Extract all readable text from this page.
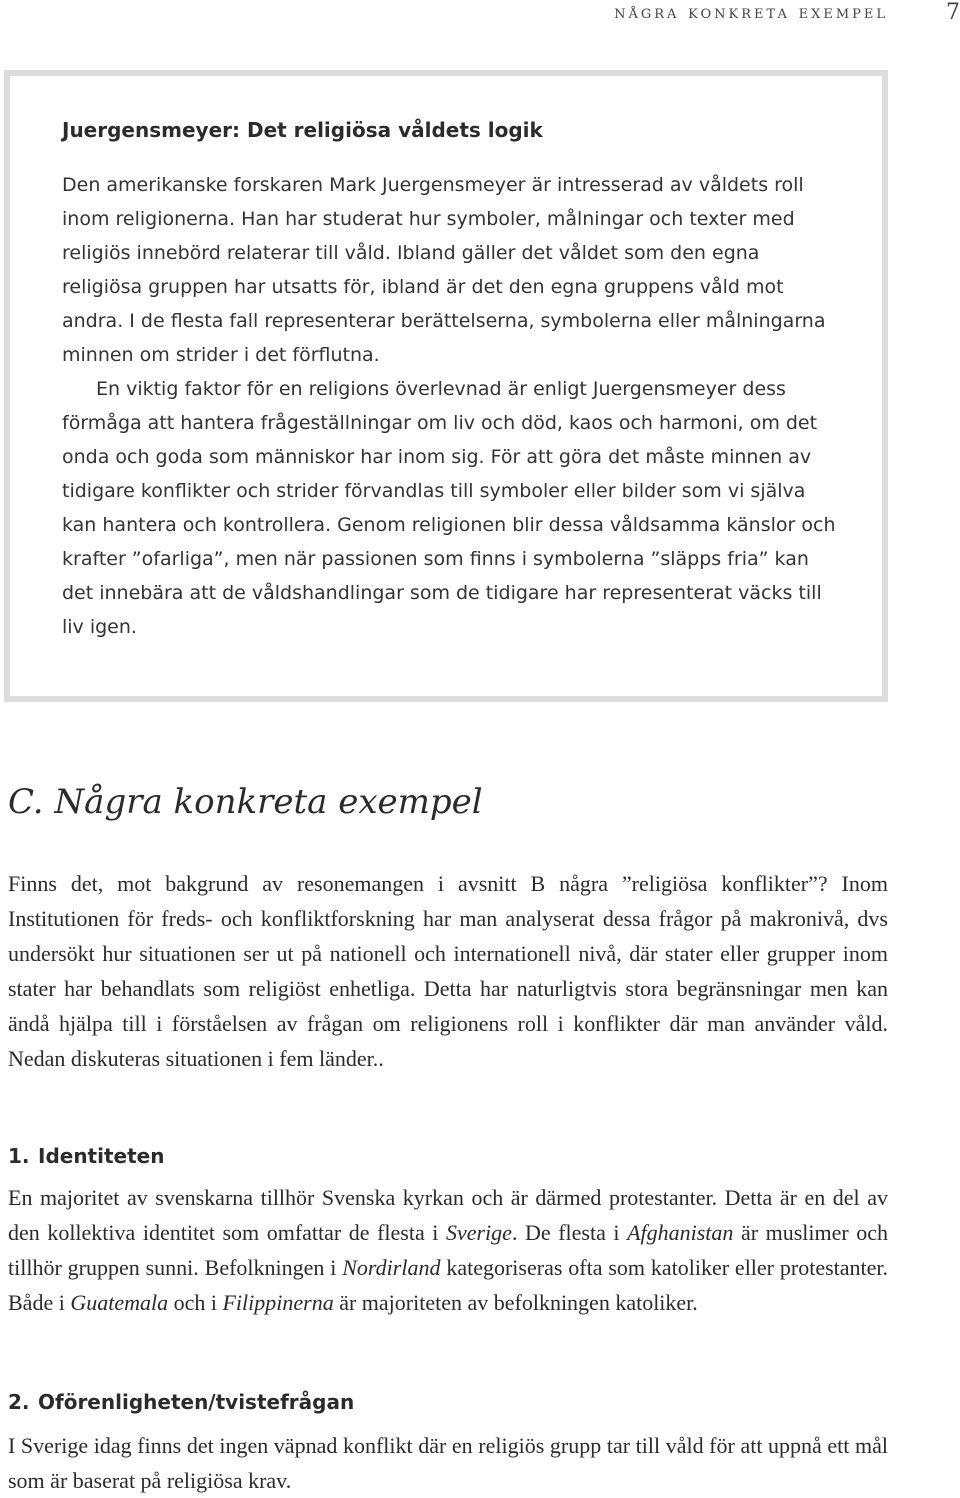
några konkreta exempel	7
Juergensmeyer: Det religiösa våldets logik

Den amerikanske forskaren Mark Juergensmeyer är intresserad av våldets roll inom religionerna. Han har studerat hur symboler, målningar och texter med religiös innebörd relaterar till våld. Ibland gäller det våldet som den egna religiösa gruppen har utsatts för, ibland är det den egna gruppens våld mot andra. I de flesta fall representerar berättelserna, symbolerna eller målningarna minnen om strider i det förflutna.

En viktig faktor för en religions överlevnad är enligt Juergensmeyer dess förmåga att hantera frågeställningar om liv och död, kaos och harmoni, om det onda och goda som människor har inom sig. För att göra det måste minnen av tidigare konflikter och strider förvandlas till symboler eller bilder som vi själva kan hantera och kontrollera. Genom religionen blir dessa våldsamma känslor och krafter ”ofarliga”, men när passionen som finns i symbolerna ”släpps fria” kan det innebära att de våldshandlingar som de tidigare har representerat väcks till liv igen.

C. Några konkreta exempel

Finns det, mot bakgrund av resonemangen i avsnitt B några ”religiösa konflikter”? Inom Institutionen för freds- och konfliktforskning har man analyserat dessa frågor på makronivå, dvs undersökt hur situationen ser ut på nationell och internationell nivå, där stater eller grupper inom stater har behandlats som religiöst enhetliga. Detta har naturligtvis stora begränsningar men kan ändå hjälpa till i förståelsen av frågan om religionens roll i konflikter där man använder våld. Nedan diskuteras situationen i fem länder..

1. Identiteten

En majoritet av svenskarna tillhör Svenska kyrkan och är därmed protestanter. Detta är en del av den kollektiva identitet som omfattar de flesta i Sverige. De flesta i Afghanistan är muslimer och tillhör gruppen sunni. Befolkningen i Nordirland kategoriseras ofta som katoliker eller protestanter. Både i Guatemala och i Filippinerna är majoriteten av befolkningen katoliker.

2. Oförenligheten/tvistefrågan

I Sverige idag finns det ingen väpnad konflikt där en religiös grupp tar till våld för att uppnå ett mål som är baserat på religiösa krav.
